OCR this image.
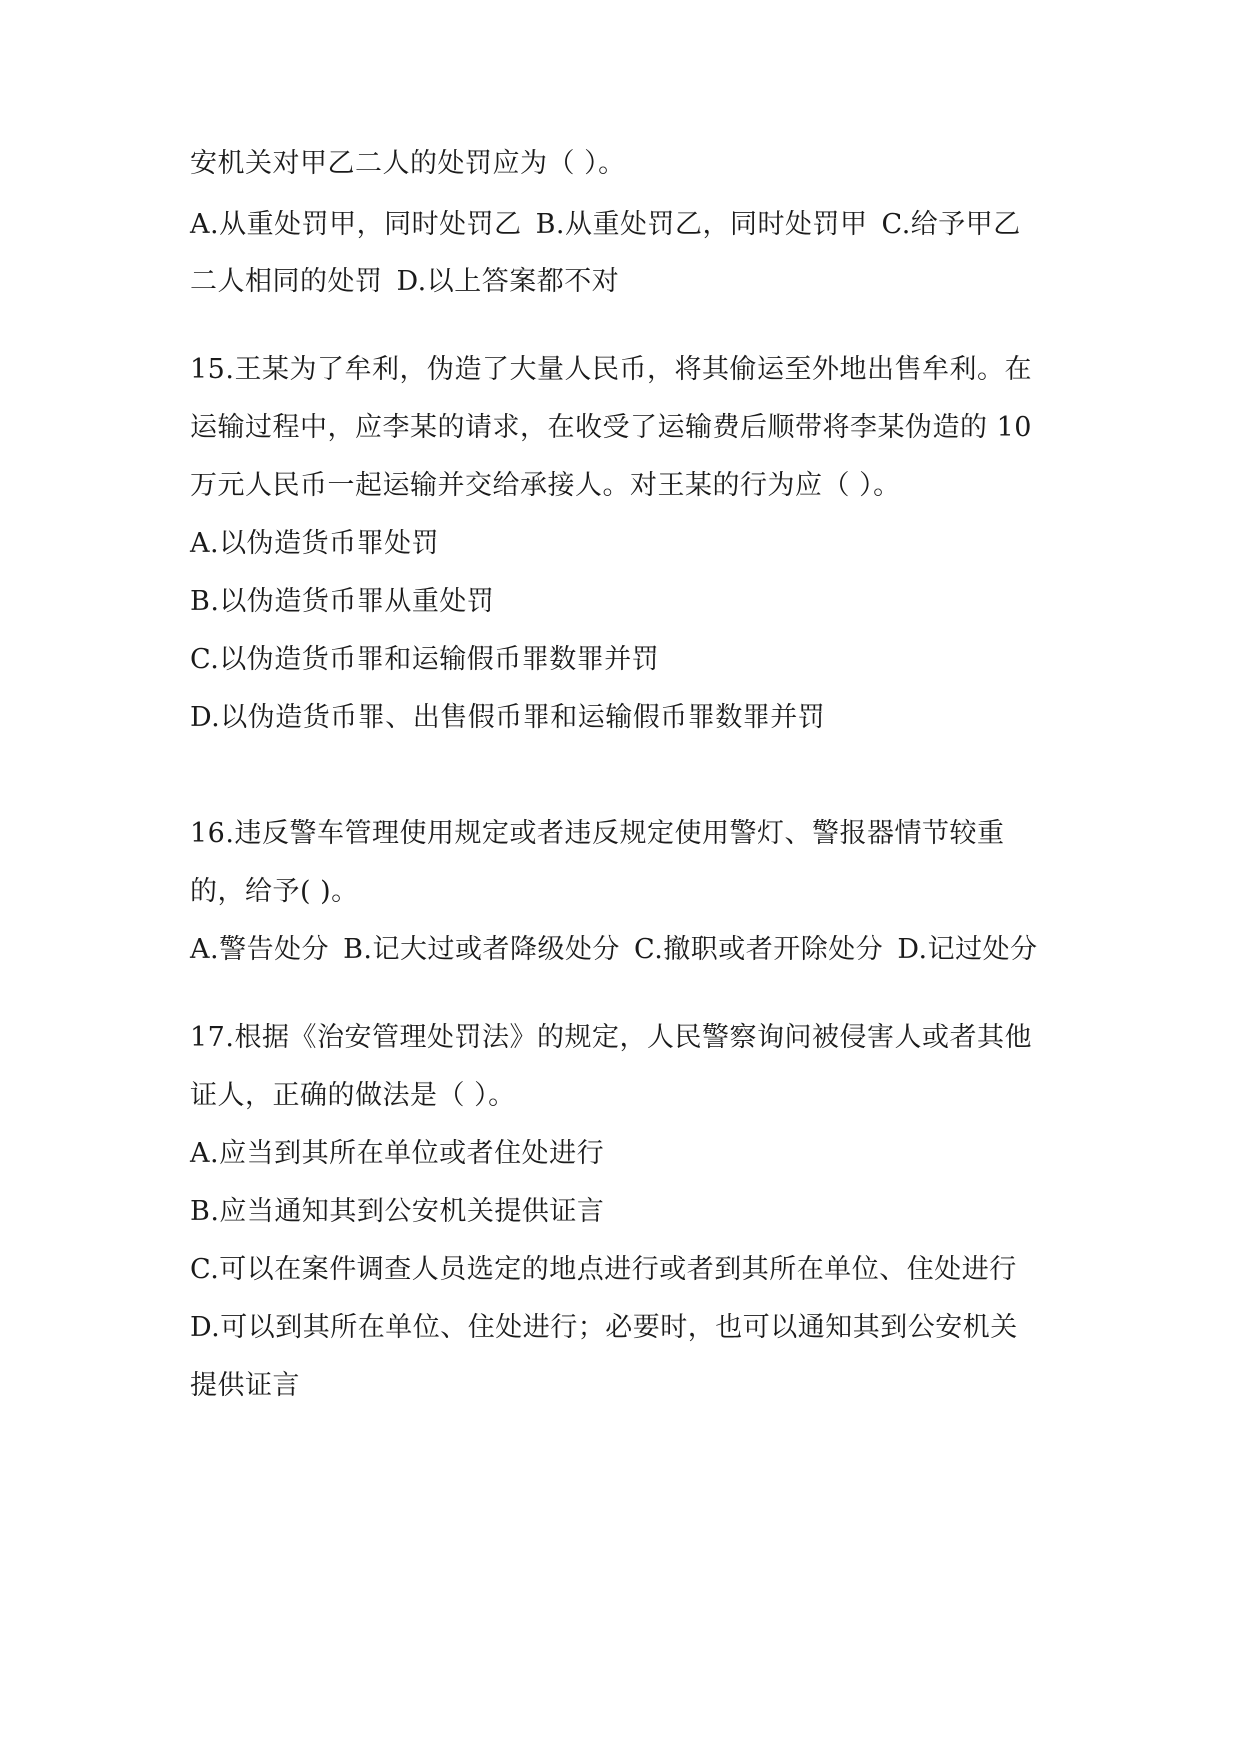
安机关对甲乙二人的处罚应为（ ）。
A.从重处罚甲，同时处罚乙 B.从重处罚乙，同时处罚甲 C.给予甲乙
二人相同的处罚 D.以上答案都不对
15.王某为了牟利，伪造了大量人民币，将其偷运至外地出售牟利。在
运输过程中，应李某的请求，在收受了运输费后顺带将李某伪造的 10
万元人民币一起运输并交给承接人。对王某的行为应（ ）。
A.以伪造货币罪处罚
B.以伪造货币罪从重处罚
C.以伪造货币罪和运输假币罪数罪并罚
D.以伪造货币罪、出售假币罪和运输假币罪数罪并罚
16.违反警车管理使用规定或者违反规定使用警灯、警报器情节较重
的，给予( )。
A.警告处分 B.记大过或者降级处分 C.撤职或者开除处分 D.记过处分
17.根据《治安管理处罚法》的规定，人民警察询问被侵害人或者其他
证人，正确的做法是（ ）。
A.应当到其所在单位或者住处进行
B.应当通知其到公安机关提供证言
C.可以在案件调查人员选定的地点进行或者到其所在单位、住处进行
D.可以到其所在单位、住处进行；必要时，也可以通知其到公安机关
提供证言
